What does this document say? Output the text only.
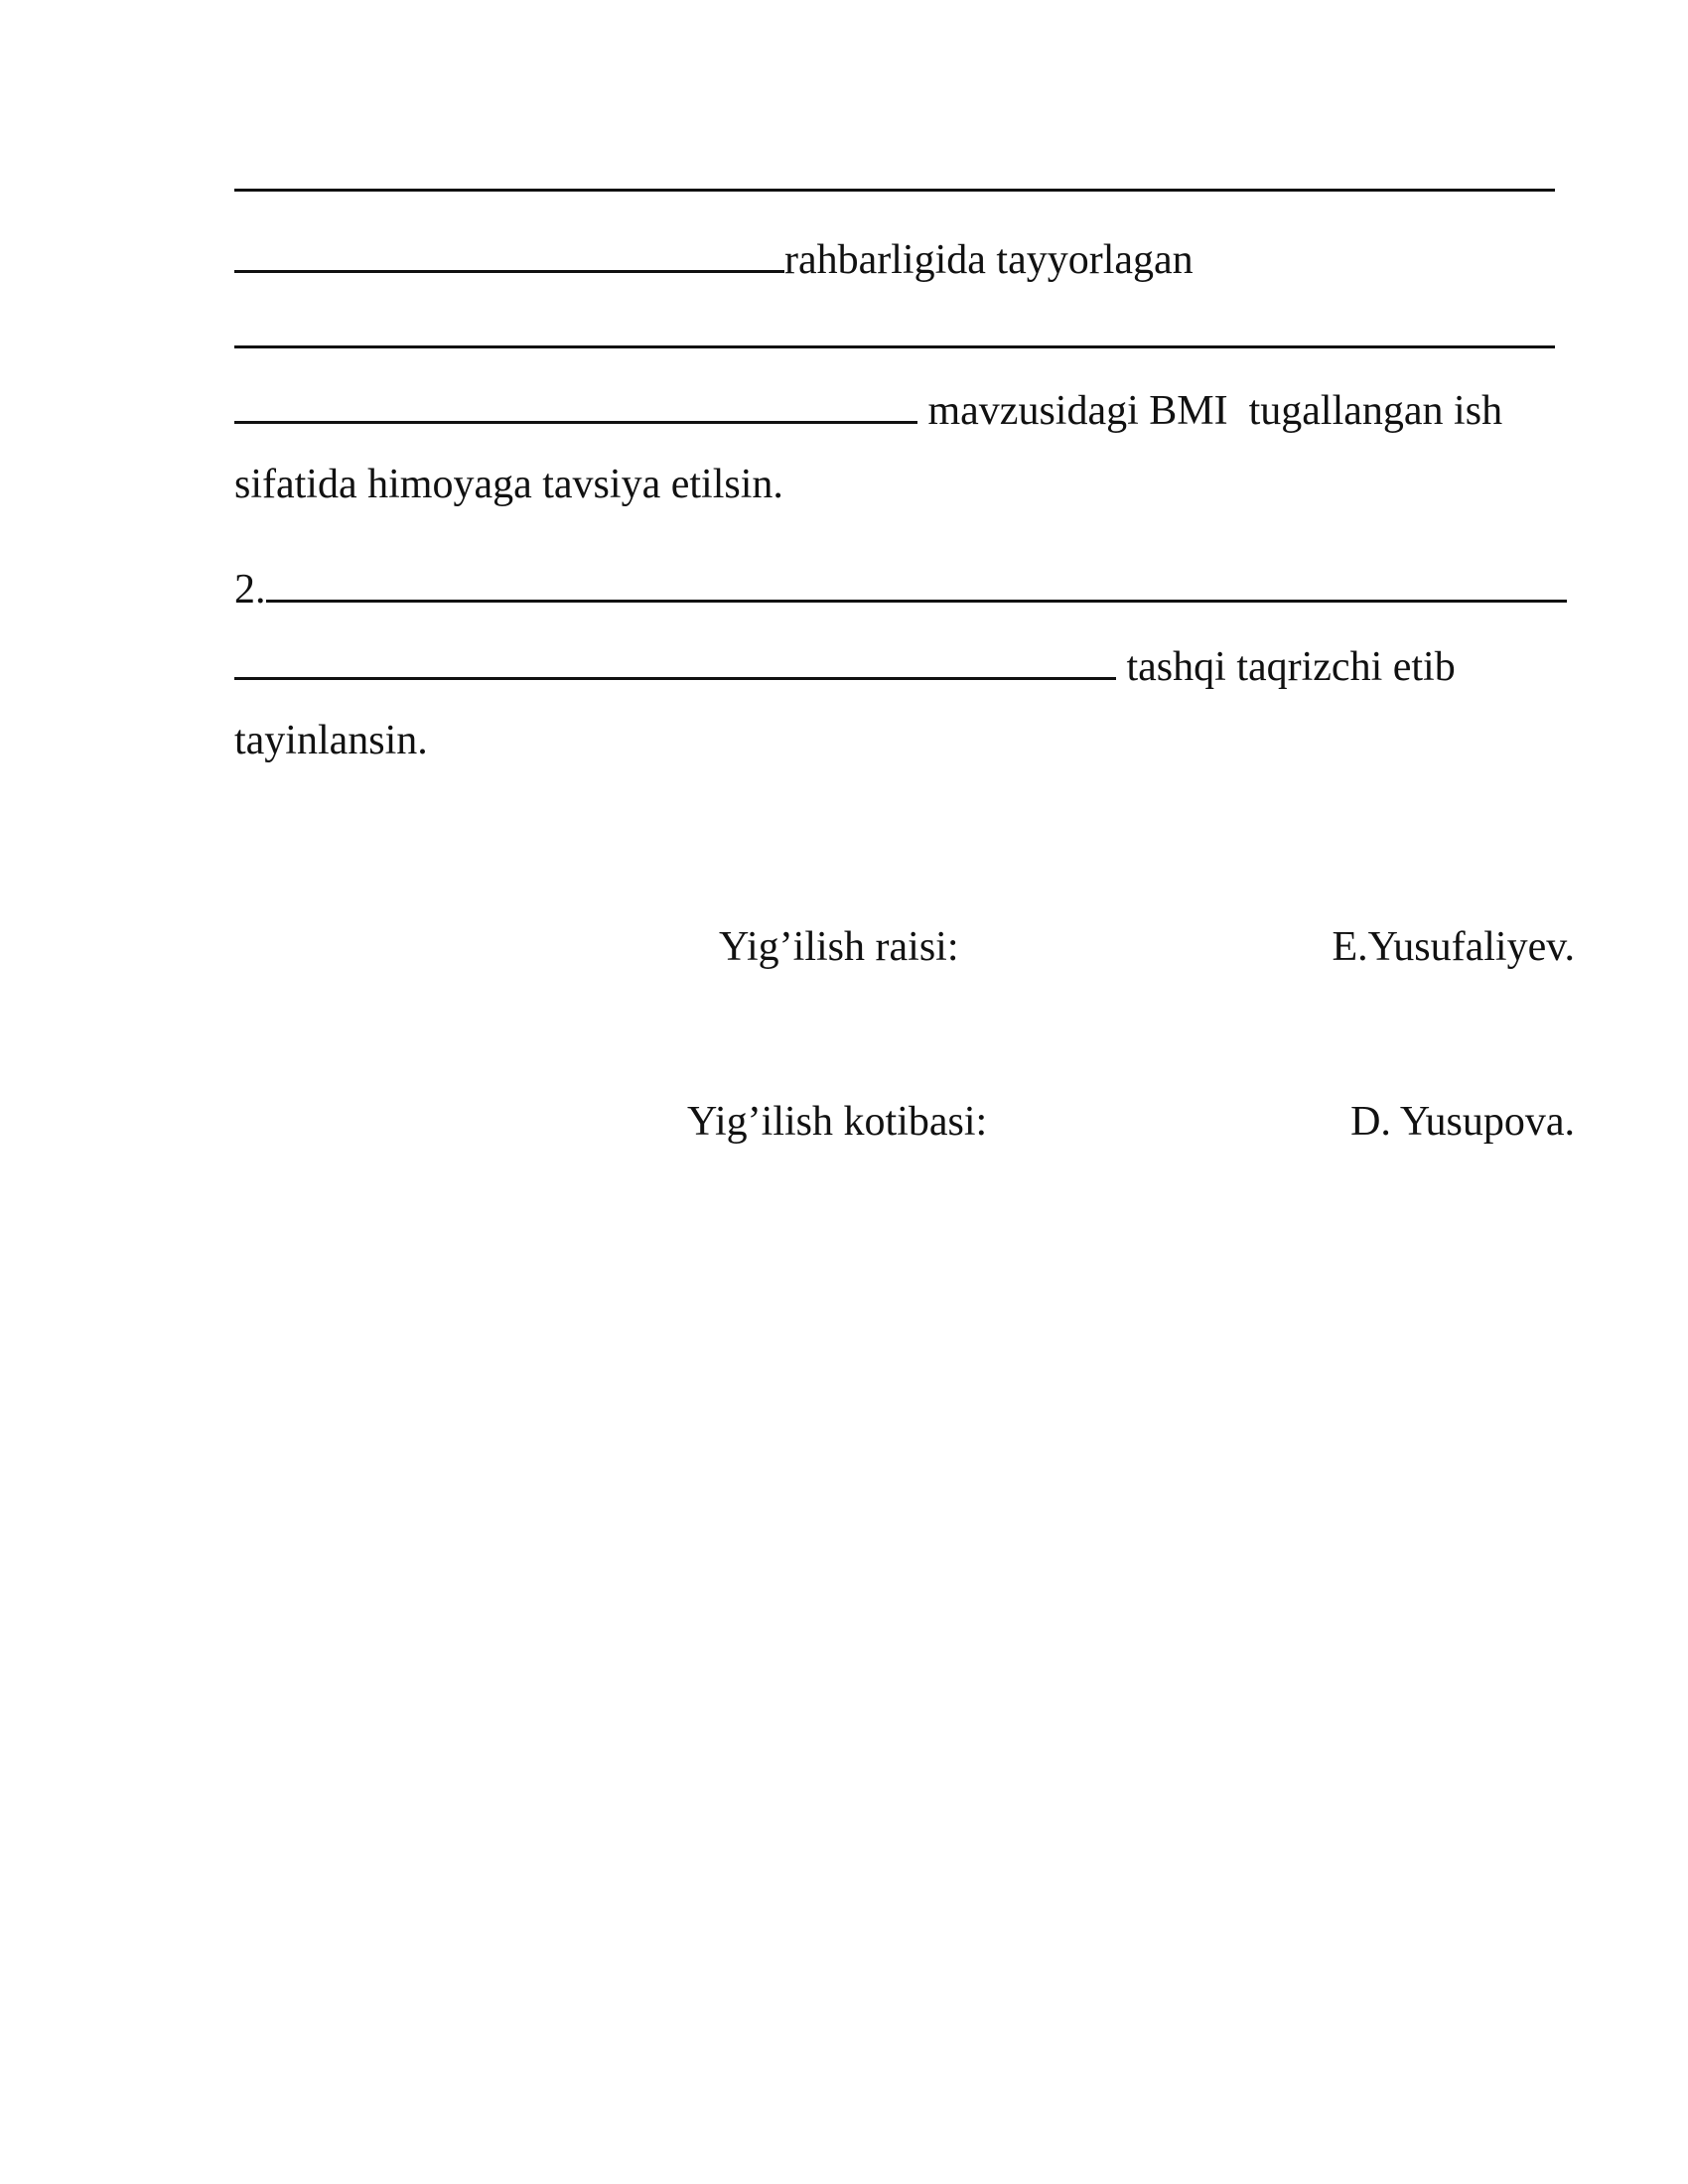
rahbarligida tayyorlagan
mavzusidagi BMI  tugallangan ish
sifatida himoyaga tavsiya etilsin.
2.
tashqi taqrizchi etib
tayinlansin.
Yig’ilish raisi:	E.Yusufaliyev.
Yig’ilish kotibasi:	D. Yusupova.
